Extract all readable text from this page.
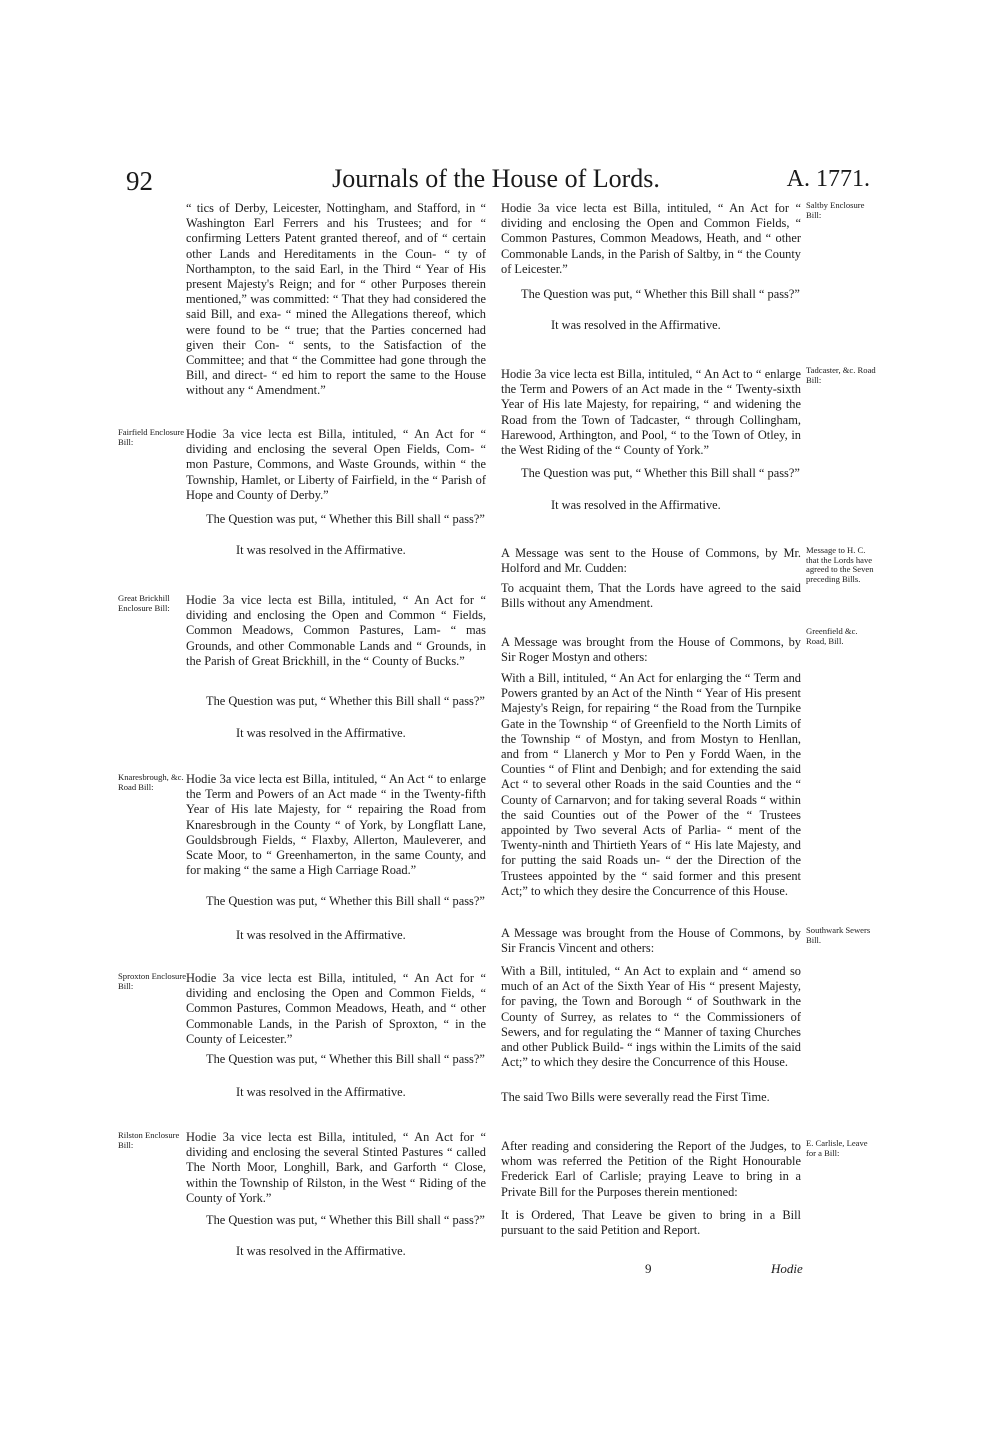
92	Journals of the House of Lords.	A. 1771.

“ tics of Derby, Leicester, Nottingham, and Stafford, in “ Washington Earl Ferrers and his Trustees; and for “ confirming Letters Patent granted thereof, and of “ certain other Lands and Hereditaments in the Coun- “ ty of Northampton, to the said Earl, in the Third “ Year of His present Majesty's Reign; and for “ other Purposes therein mentioned,” was committed: “ That they had considered the said Bill, and exa- “ mined the Allegations thereof, which were found to be “ true; that the Parties concerned had given their Con- “ sents, to the Satisfaction of the Committee; and that “ the Committee had gone through the Bill, and direct- “ ed him to report the same to the House without any “ Amendment.”

Hodie 3a vice lecta est Billa, intituled, “ An Act for “ dividing and enclosing the several Open Fields, Com- “ mon Pasture, Commons, and Waste Grounds, within “ the Township, Hamlet, or Liberty of Fairfield, in the “ Parish of Hope and County of Derby.”

The Question was put, “ Whether this Bill shall “ pass?”

It was resolved in the Affirmative.

Hodie 3a vice lecta est Billa, intituled, “ An Act for “ dividing and enclosing the Open and Common “ Fields, Common Meadows, Common Pastures, Lam- “ mas Grounds, and other Commonable Lands and “ Grounds, in the Parish of Great Brickhill, in the “ County of Bucks.”

The Question was put, “ Whether this Bill shall “ pass?”

It was resolved in the Affirmative.

Hodie 3a vice lecta est Billa, intituled, “ An Act “ to enlarge the Term and Powers of an Act made “ in the Twenty-fifth Year of His late Majesty, for “ repairing the Road from Knaresbrough in the County “ of York, by Longflatt Lane, Gouldsbrough Fields, “ Flaxby, Allerton, Mauleverer, and Scate Moor, to “ Greenhamerton, in the same County, and for making “ the same a High Carriage Road.”

The Question was put, “ Whether this Bill shall “ pass?”

It was resolved in the Affirmative.

Hodie 3a vice lecta est Billa, intituled, “ An Act for “ dividing and enclosing the Open and Common Fields, “ Common Pastures, Common Meadows, Heath, and “ other Commonable Lands, in the Parish of Sproxton, “ in the County of Leicester.”

The Question was put, “ Whether this Bill shall “ pass?”

It was resolved in the Affirmative.

Hodie 3a vice lecta est Billa, intituled, “ An Act for “ dividing and enclosing the several Stinted Pastures “ called The North Moor, Longhill, Bark, and Garforth “ Close, within the Township of Rilston, in the West “ Riding of the County of York.”

The Question was put, “ Whether this Bill shall “ pass?”

It was resolved in the Affirmative.
Fairfield Enclosure Bill:
Great Brickhill Enclosure Bill:
Knaresbrough, &c. Road Bill:
Sproxton Enclosure Bill:
Rilston Enclosure Bill:

Hodie 3a vice lecta est Billa, intituled, “ An Act for “ dividing and enclosing the Open and Common Fields, “ Common Pastures, Common Meadows, Heath, and “ other Commonable Lands, in the Parish of Saltby, in “ the County of Leicester.”

The Question was put, “ Whether this Bill shall “ pass?”

It was resolved in the Affirmative.

Hodie 3a vice lecta est Billa, intituled, “ An Act to “ enlarge the Term and Powers of an Act made in the “ Twenty-sixth Year of His late Majesty, for repairing, “ and widening the Road from the Town of Tadcaster, “ through Collingham, Harewood, Arthington, and Pool, “ to the Town of Otley, in the West Riding of the “ County of York.”

The Question was put, “ Whether this Bill shall “ pass?”

It was resolved in the Affirmative.

A Message was sent to the House of Commons, by Mr. Holford and Mr. Cudden:

To acquaint them, That the Lords have agreed to the said Bills without any Amendment.

A Message was brought from the House of Commons, by Sir Roger Mostyn and others:

With a Bill, intituled, “ An Act for enlarging the “ Term and Powers granted by an Act of the Ninth “ Year of His present Majesty's Reign, for repairing “ the Road from the Turnpike Gate in the Township “ of Greenfield to the North Limits of the Township “ of Mostyn, and from Mostyn to Henllan, and from “ Llanerch y Mor to Pen y Fordd Waen, in the Counties “ of Flint and Denbigh; and for extending the said Act “ to several other Roads in the said Counties and the “ County of Carnarvon; and for taking several Roads “ within the said Counties out of the Power of the “ Trustees appointed by Two several Acts of Parlia- “ ment of the Twenty-ninth and Thirtieth Years of “ His late Majesty, and for putting the said Roads un- “ der the Direction of the Trustees appointed by the “ said former and this present Act;” to which they desire the Concurrence of this House.

A Message was brought from the House of Commons, by Sir Francis Vincent and others:

With a Bill, intituled, “ An Act to explain and “ amend so much of an Act of the Sixth Year of His “ present Majesty, for paving, the Town and Borough “ of Southwark in the County of Surrey, as relates to “ the Commissioners of Sewers, and for regulating the “ Manner of taxing Churches and other Publick Build- “ ings within the Limits of the said Act;” to which they desire the Concurrence of this House.

The said Two Bills were severally read the First Time.

After reading and considering the Report of the Judges, to whom was referred the Petition of the Right Honourable Frederick Earl of Carlisle; praying Leave to bring in a Private Bill for the Purposes therein mentioned:

It is Ordered, That Leave be given to bring in a Bill pursuant to the said Petition and Report.

Saltby Enclosure Bill:
Tadcaster, &c. Road Bill:
Message to H. C. that the Lords have agreed to the Seven preceding Bills.
Greenfield &c. Road, Bill.
Southwark Sewers Bill.
E. Carlisle, Leave for a Bill:
9	Hodie
